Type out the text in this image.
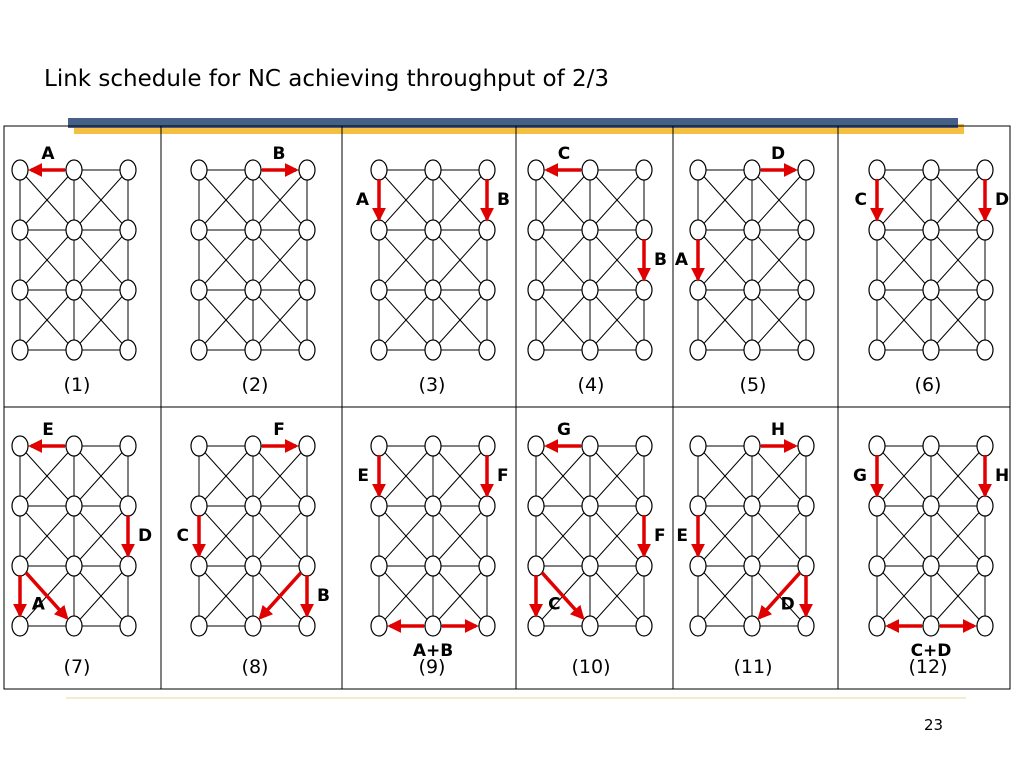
Link schedule for NC achieving throughput of 2/3
A
(1)
B
(2)
A	B
(3)
C
B
(4)
D
A
(5)
C	D
(6)
E
D
A
(7)
F
C
B
(8)
E	F
A+B
(9)
G
F
C
(10)
H
E
D
(11)
G	H
C+D
(12)
23
